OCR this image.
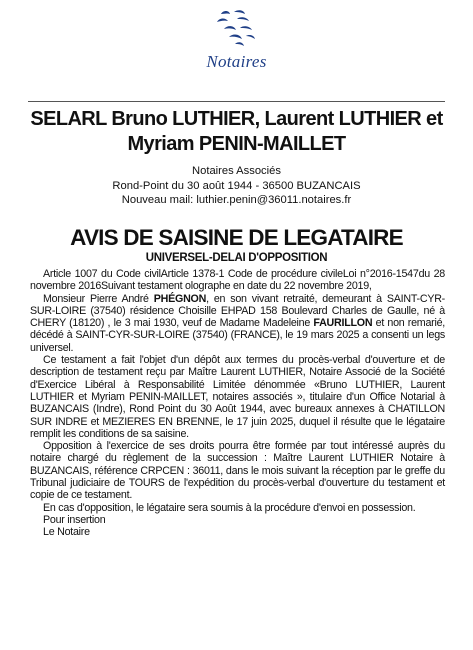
Notaires
SELARL Bruno LUTHIER, Laurent LUTHIER et Myriam PENIN-MAILLET
Notaires Associés
Rond-Point du 30 août 1944 - 36500 BUZANCAIS
Nouveau mail: luthier.penin@36011.notaires.fr
AVIS DE SAISINE DE LEGATAIRE
UNIVERSEL-DELAI D'OPPOSITION

Article 1007 du Code civilArticle 1378-1 Code de procédure civileLoi n°2016-1547du 28 novembre 2016Suivant testament olographe en date du 22 novembre 2019,

Monsieur Pierre André PHÉGNON, en son vivant retraité, demeurant à SAINT-CYR-SUR-LOIRE (37540) résidence Choisille EHPAD 158 Boulevard Charles de Gaulle, né à CHERY (18120) , le 3 mai 1930, veuf de Madame Madeleine FAURILLON et non remarié, décédé à SAINT-CYR-SUR-LOIRE (37540) (FRANCE), le 19 mars 2025 a consenti un legs universel.

Ce testament a fait l'objet d'un dépôt aux termes du procès-verbal d'ouverture et de description de testament reçu par Maître Laurent LUTHIER, Notaire Associé de la Société d'Exercice Libéral à Responsabilité Limitée dénommée «Bruno LUTHIER, Laurent LUTHIER et Myriam PENIN-MAILLET, notaires associés », titulaire d'un Office Notarial à BUZANCAIS (Indre), Rond Point du 30 Août 1944, avec bureaux annexes à CHATILLON SUR INDRE et MEZIERES EN BRENNE, le 17 juin 2025, duquel il résulte que le légataire remplit les conditions de sa saisine.

Opposition à l'exercice de ses droits pourra être formée par tout intéressé auprès du notaire chargé du règlement de la succession : Maître Laurent LUTHIER Notaire à BUZANCAIS, référence CRPCEN : 36011, dans le mois suivant la réception par le greffe du Tribunal judiciaire de TOURS de l'expédition du procès-verbal d'ouverture du testament et copie de ce testament.

En cas d'opposition, le légataire sera soumis à la procédure d'envoi en possession.

Pour insertion

Le Notaire
